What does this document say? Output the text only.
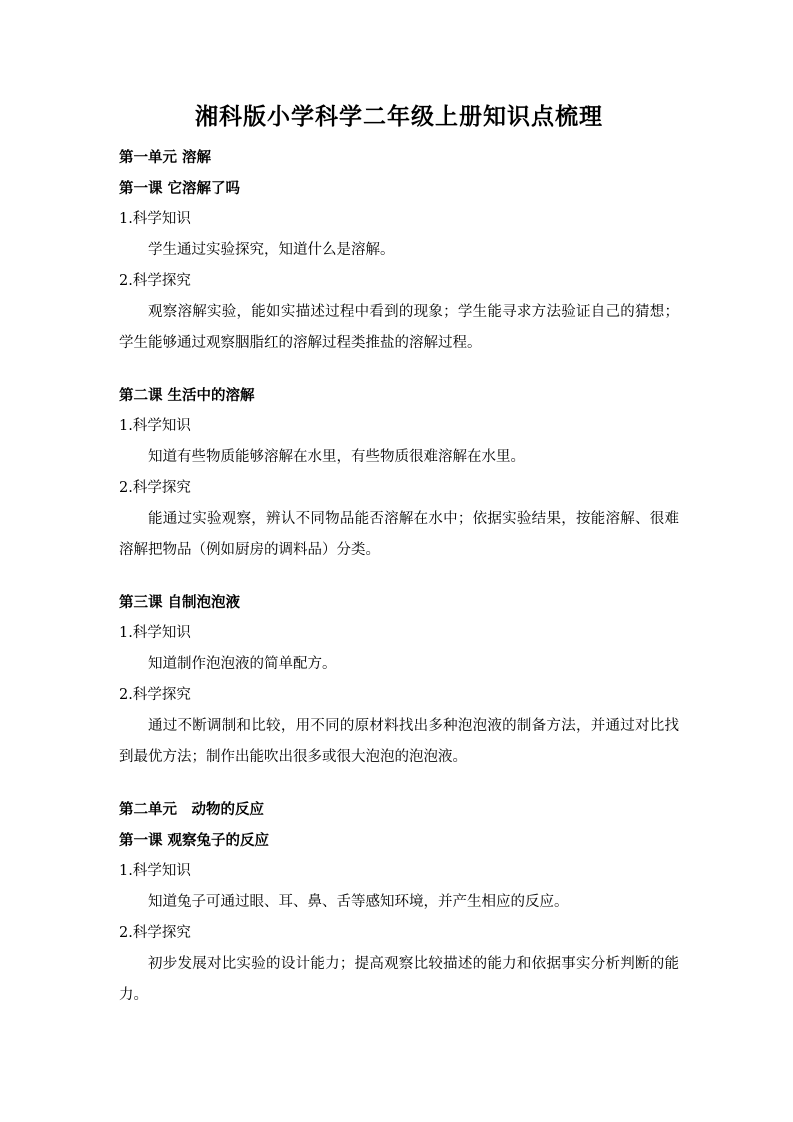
湘科版小学科学二年级上册知识点梳理
第一单元 溶解
第一课 它溶解了吗
1.科学知识

学生通过实验探究，知道什么是溶解。

2.科学探究

观察溶解实验，能如实描述过程中看到的现象；学生能寻求方法验证自己的猜想；学生能够通过观察胭脂红的溶解过程类推盐的溶解过程。

第二课 生活中的溶解
1.科学知识

知道有些物质能够溶解在水里，有些物质很难溶解在水里。

2.科学探究

能通过实验观察，辨认不同物品能否溶解在水中；依据实验结果，按能溶解、很难溶解把物品（例如厨房的调料品）分类。

第三课 自制泡泡液
1.科学知识

知道制作泡泡液的简单配方。

2.科学探究

通过不断调制和比较，用不同的原材料找出多种泡泡液的制备方法，并通过对比找到最优方法；制作出能吹出很多或很大泡泡的泡泡液。

第二单元　动物的反应
第一课 观察兔子的反应
1.科学知识

知道兔子可通过眼、耳、鼻、舌等感知环境，并产生相应的反应。

2.科学探究

初步发展对比实验的设计能力；提高观察比较描述的能力和依据事实分析判断的能力。
